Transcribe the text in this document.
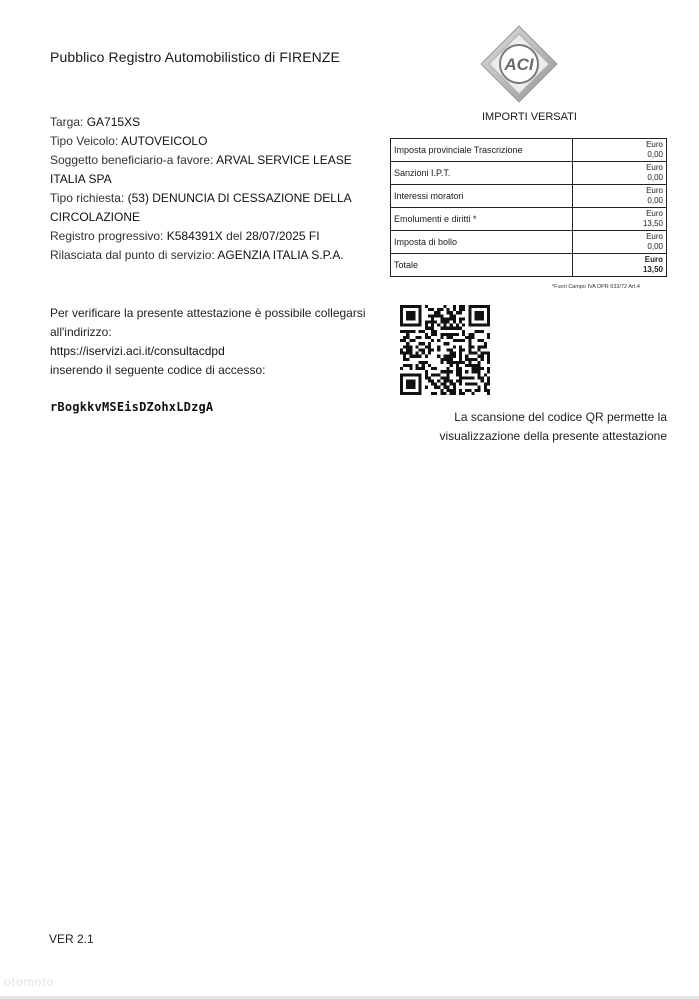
Pubblico Registro Automobilistico di FIRENZE	ACI
IMPORTI VERSATI
Targa: GA715XS
Tipo Veicolo: AUTOVEICOLO
Soggetto beneficiario-a favore: ARVAL SERVICE LEASE
ITALIA SPA
Tipo richiesta: (53) DENUNCIA DI CESSAZIONE DELLA
CIRCOLAZIONE
Registro progressivo: K584391X del 28/07/2025 FI
Rilasciata dal punto di servizio: AGENZIA ITALIA S.P.A.
Imposta provinciale Trascrizione	Euro
0,00

Sanzioni I.P.T.	Euro
0,00

Interessi moratori	Euro
0,00

Emolumenti e diritti *	Euro
13,50

Imposta di bollo	Euro
0,00

Totale	Euro
13,50
*Fuori Campo IVA DPR 633/72 Art.4
Per verificare la presente attestazione è possibile collegarsi
all'indirizzo:
https://iservizi.aci.it/consultacdpd
inserendo il seguente codice di accesso:
rBogkkvMSEisDZohxLDzgA
La scansione del codice QR permette la
visualizzazione della presente attestazione
VER 2.1
otomoto
